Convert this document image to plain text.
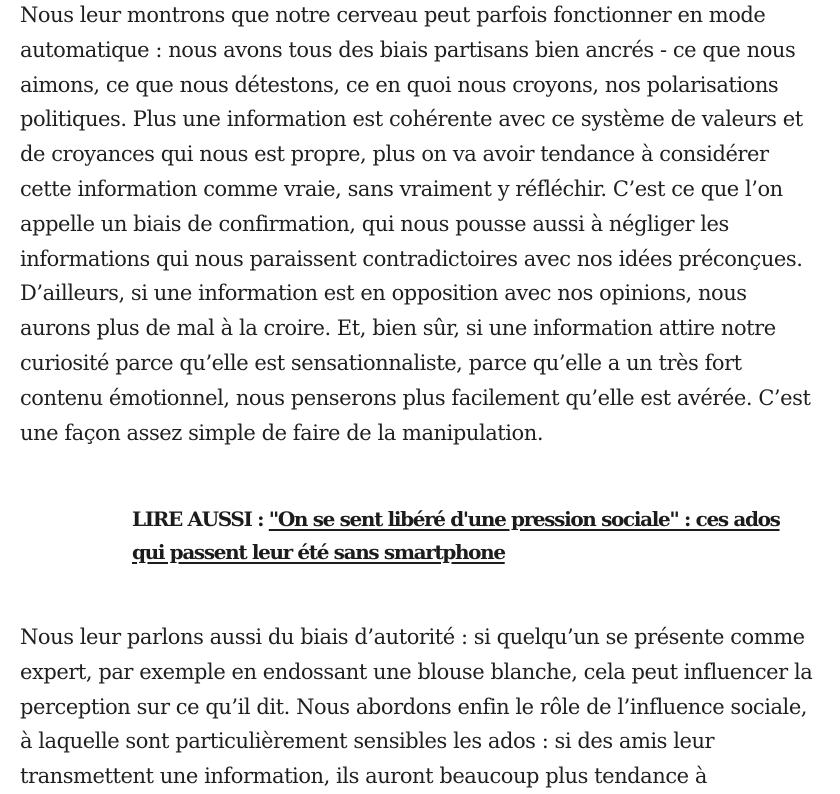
Nous leur montrons que notre cerveau peut parfois fonctionner en mode
automatique : nous avons tous des biais partisans bien ancrés - ce que nous
aimons, ce que nous détestons, ce en quoi nous croyons, nos polarisations
politiques. Plus une information est cohérente avec ce système de valeurs et
de croyances qui nous est propre, plus on va avoir tendance à considérer
cette information comme vraie, sans vraiment y réfléchir. C’est ce que l’on
appelle un biais de confirmation, qui nous pousse aussi à négliger les
informations qui nous paraissent contradictoires avec nos idées préconçues.
D’ailleurs, si une information est en opposition avec nos opinions, nous
aurons plus de mal à la croire. Et, bien sûr, si une information attire notre
curiosité parce qu’elle est sensationnaliste, parce qu’elle a un très fort
contenu émotionnel, nous penserons plus facilement qu’elle est avérée. C’est
une façon assez simple de faire de la manipulation.

LIRE AUSSI : "On se sent libéré d'une pression sociale" : ces ados
qui passent leur été sans smartphone

Nous leur parlons aussi du biais d’autorité : si quelqu’un se présente comme
expert, par exemple en endossant une blouse blanche, cela peut influencer la
perception sur ce qu’il dit. Nous abordons enfin le rôle de l’influence sociale,
à laquelle sont particulièrement sensibles les ados : si des amis leur
transmettent une information, ils auront beaucoup plus tendance à
